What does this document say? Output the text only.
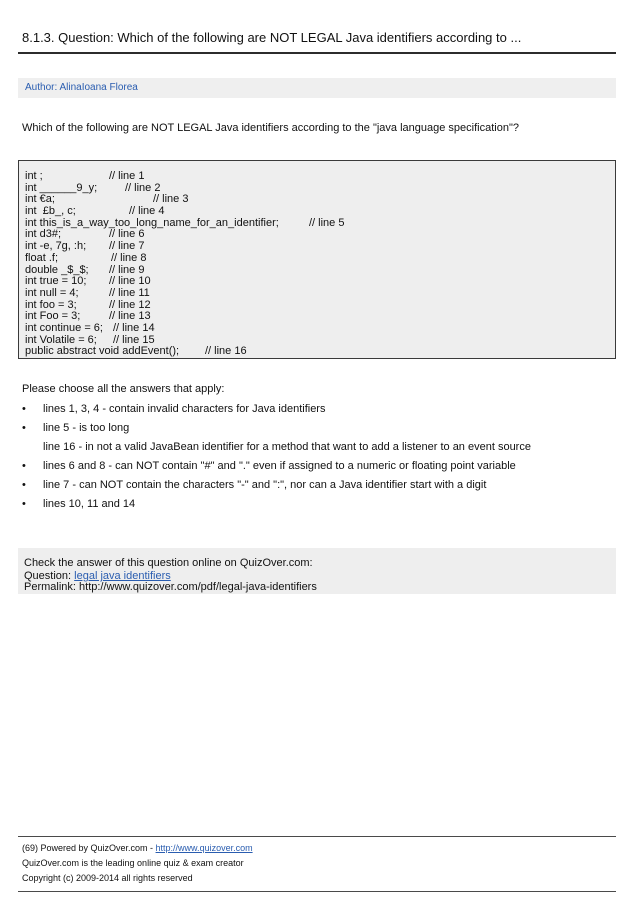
8.1.3. Question: Which of the following are NOT LEGAL Java identifiers according to ...
Author: AlinaIoana Florea
Which of the following are NOT LEGAL Java identifiers according to the "java language specification"?
int ;	// line 1
int ______9_y;	// line 2
int €a;	// line 3
int  £b_, c;	// line 4
int this_is_a_way_too_long_name_for_an_identifier;	// line 5
int d3#;	// line 6
int -e, 7g, :h;	// line 7
float .f;	// line 8
double _$_$;	// line 9
int true = 10;	// line 10
int null = 4;	// line 11
int foo = 3;	// line 12
int Foo = 3;	// line 13
int continue = 6; // line 14
int Volatile = 6;	// line 15
public abstract void addEvent();	// line 16
Please choose all the answers that apply:
• lines 1, 3, 4 - contain invalid characters for Java identifiers
• line 5 - is too long
line 16 - in not a valid JavaBean identifier for a method that want to add a listener to an event source
• lines 6 and 8 - can NOT contain "#" and "." even if assigned to a numeric or floating point variable
• line 7 - can NOT contain the characters "-" and ":", nor can a Java identifier start with a digit
• lines 10, 11 and 14
Check the answer of this question online on QuizOver.com:
Question: legal java identifiers
Permalink: http://www.quizover.com/pdf/legal-java-identifiers
(69) Powered by QuizOver.com - http://www.quizover.com
QuizOver.com is the leading online quiz & exam creator
Copyright (c) 2009-2014 all rights reserved
